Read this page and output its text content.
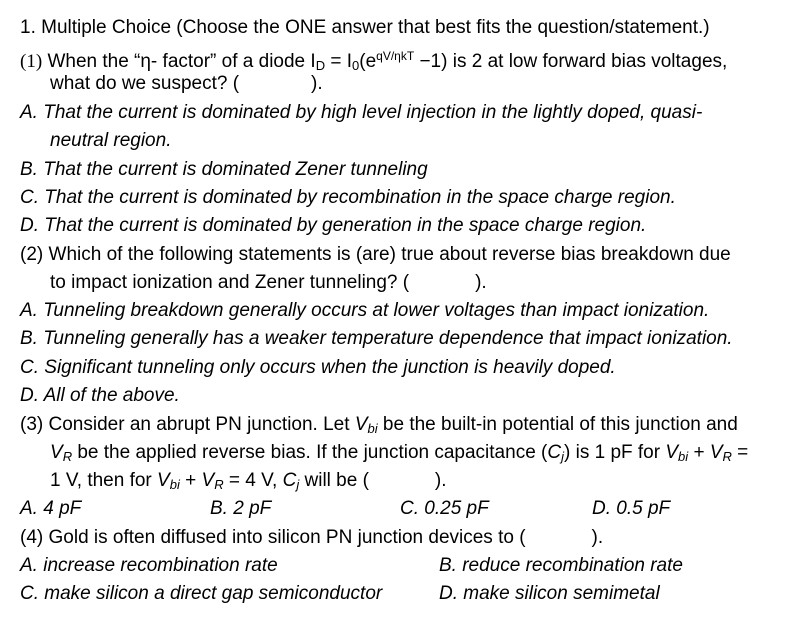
1. Multiple Choice (Choose the ONE answer that best fits the question/statement.)
(1) When the “η- factor” of a diode $I_D = I_0(e^{qV/\eta kT} -1)$ is 2 at low forward bias voltages,
what do we suspect? (	).
A. That the current is dominated by high level injection in the lightly doped, quasi-
neutral region.
B. That the current is dominated Zener tunneling
C. That the current is dominated by recombination in the space charge region.
D. That the current is dominated by generation in the space charge region.
(2) Which of the following statements is (are) true about reverse bias breakdown due
to impact ionization and Zener tunneling? (	).
A. Tunneling breakdown generally occurs at lower voltages than impact ionization.
B. Tunneling generally has a weaker temperature dependence that impact ionization.
C. Significant tunneling only occurs when the junction is heavily doped.
D. All of the above.
(3) Consider an abrupt PN junction. Let $V_{bi}$ be the built-in potential of this junction and
$V_R$ be the applied reverse bias. If the junction capacitance $(C_j)$ is 1 pF for $V_{bi} + V_R$ =
1 V, then for $V_{bi} + V_R = 4$ V, $C_j$ will be (	).
A. 4 pF	B. 2 pF	C. 0.25 pF	D. 0.5 pF
(4) Gold is often diffused into silicon PN junction devices to (	).
A. increase recombination rate	B. reduce recombination rate
C. make silicon a direct gap semiconductor	D. make silicon semimetal
